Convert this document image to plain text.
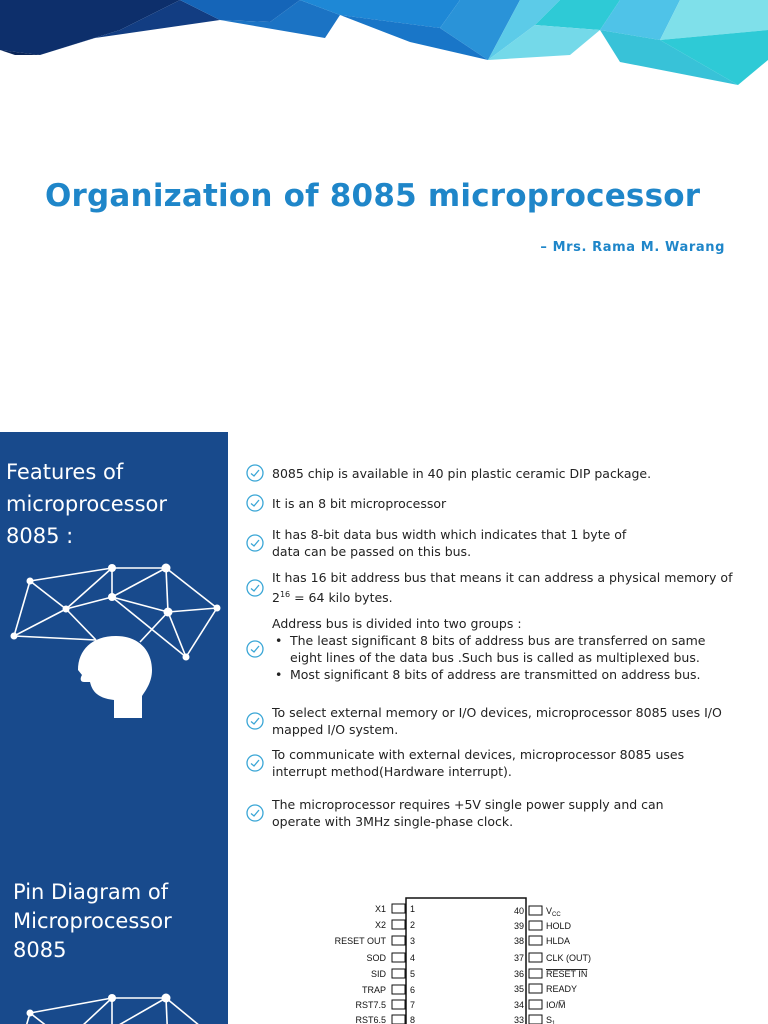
Organization of 8085 microprocessor
– Mrs. Rama M. Warang
Features of microprocessor 8085 :
8085 chip is available in 40 pin plastic ceramic DIP package.
It is an 8 bit microprocessor
It has 8-bit data bus width which indicates that 1 byte of data can be passed on this bus.
It has 16 bit address bus that means it can address a physical memory of $2^{16} = 64$ kilo bytes.
Address bus is divided into two groups :
• The least significant 8 bits of address bus are transferred on same eight lines of the data bus .Such bus is called as multiplexed bus.
• Most significant 8 bits of address are transmitted on address bus.
To select external memory or I/O devices, microprocessor 8085 uses I/O mapped I/O system.
To communicate with external devices, microprocessor 8085 uses interrupt method(Hardware interrupt).
The microprocessor requires +5V single power supply and can operate with 3MHz single-phase clock.
Pin Diagram of Microprocessor 8085
X1	1
X2	2
RESET OUT	3
SOD	4
SID	5
TRAP	6
RST7.5	7
RST6.5	8
40 $V_{CC}$
39 HOLD
38 HLDA
37 CLK (OUT)
36 RESET IN
35 READY
34 IO/M̅
33 $S_1$
